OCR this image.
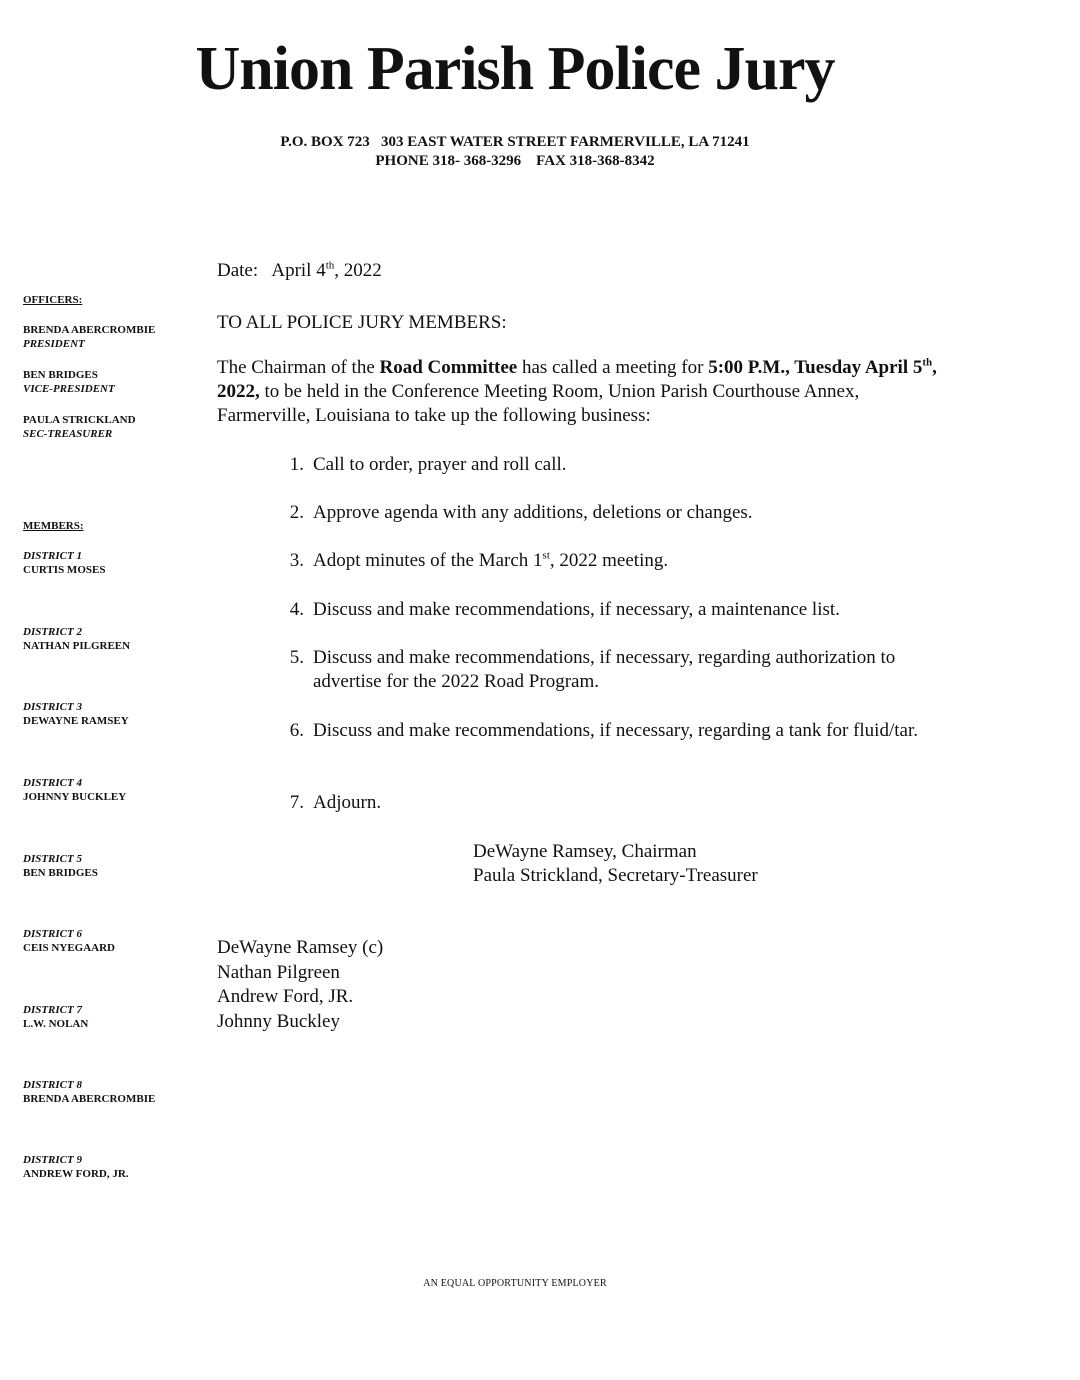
Union Parish Police Jury
P.O. BOX 723   303 EAST WATER STREET FARMERVILLE, LA 71241
PHONE 318- 368-3296    FAX 318-368-8342
OFFICERS:
BRENDA ABERCROMBIE
PRESIDENT
BEN BRIDGES
VICE-PRESIDENT
PAULA STRICKLAND
SEC-TREASURER
MEMBERS:
DISTRICT 1
CURTIS MOSES
DISTRICT 2
NATHAN PILGREEN
DISTRICT 3
DEWAYNE RAMSEY
DISTRICT 4
JOHNNY BUCKLEY
DISTRICT 5
BEN BRIDGES
DISTRICT 6
CEIS NYEGAARD
DISTRICT 7
L.W. NOLAN
DISTRICT 8
BRENDA ABERCROMBIE
DISTRICT 9
ANDREW FORD, JR.
Date: April 4th, 2022
TO ALL POLICE JURY MEMBERS:
The Chairman of the Road Committee has called a meeting for 5:00 P.M., Tuesday April 5th, 2022, to be held in the Conference Meeting Room, Union Parish Courthouse Annex, Farmerville, Louisiana to take up the following business:
1. Call to order, prayer and roll call.
2. Approve agenda with any additions, deletions or changes.
3. Adopt minutes of the March 1st, 2022 meeting.
4. Discuss and make recommendations, if necessary, a maintenance list.
5. Discuss and make recommendations, if necessary, regarding authorization to advertise for the 2022 Road Program.
6. Discuss and make recommendations, if necessary, regarding a tank for fluid/tar.
7. Adjourn.
DeWayne Ramsey, Chairman
Paula Strickland, Secretary-Treasurer
DeWayne Ramsey (c)
Nathan Pilgreen
Andrew Ford, JR.
Johnny Buckley
AN EQUAL OPPORTUNITY EMPLOYER
